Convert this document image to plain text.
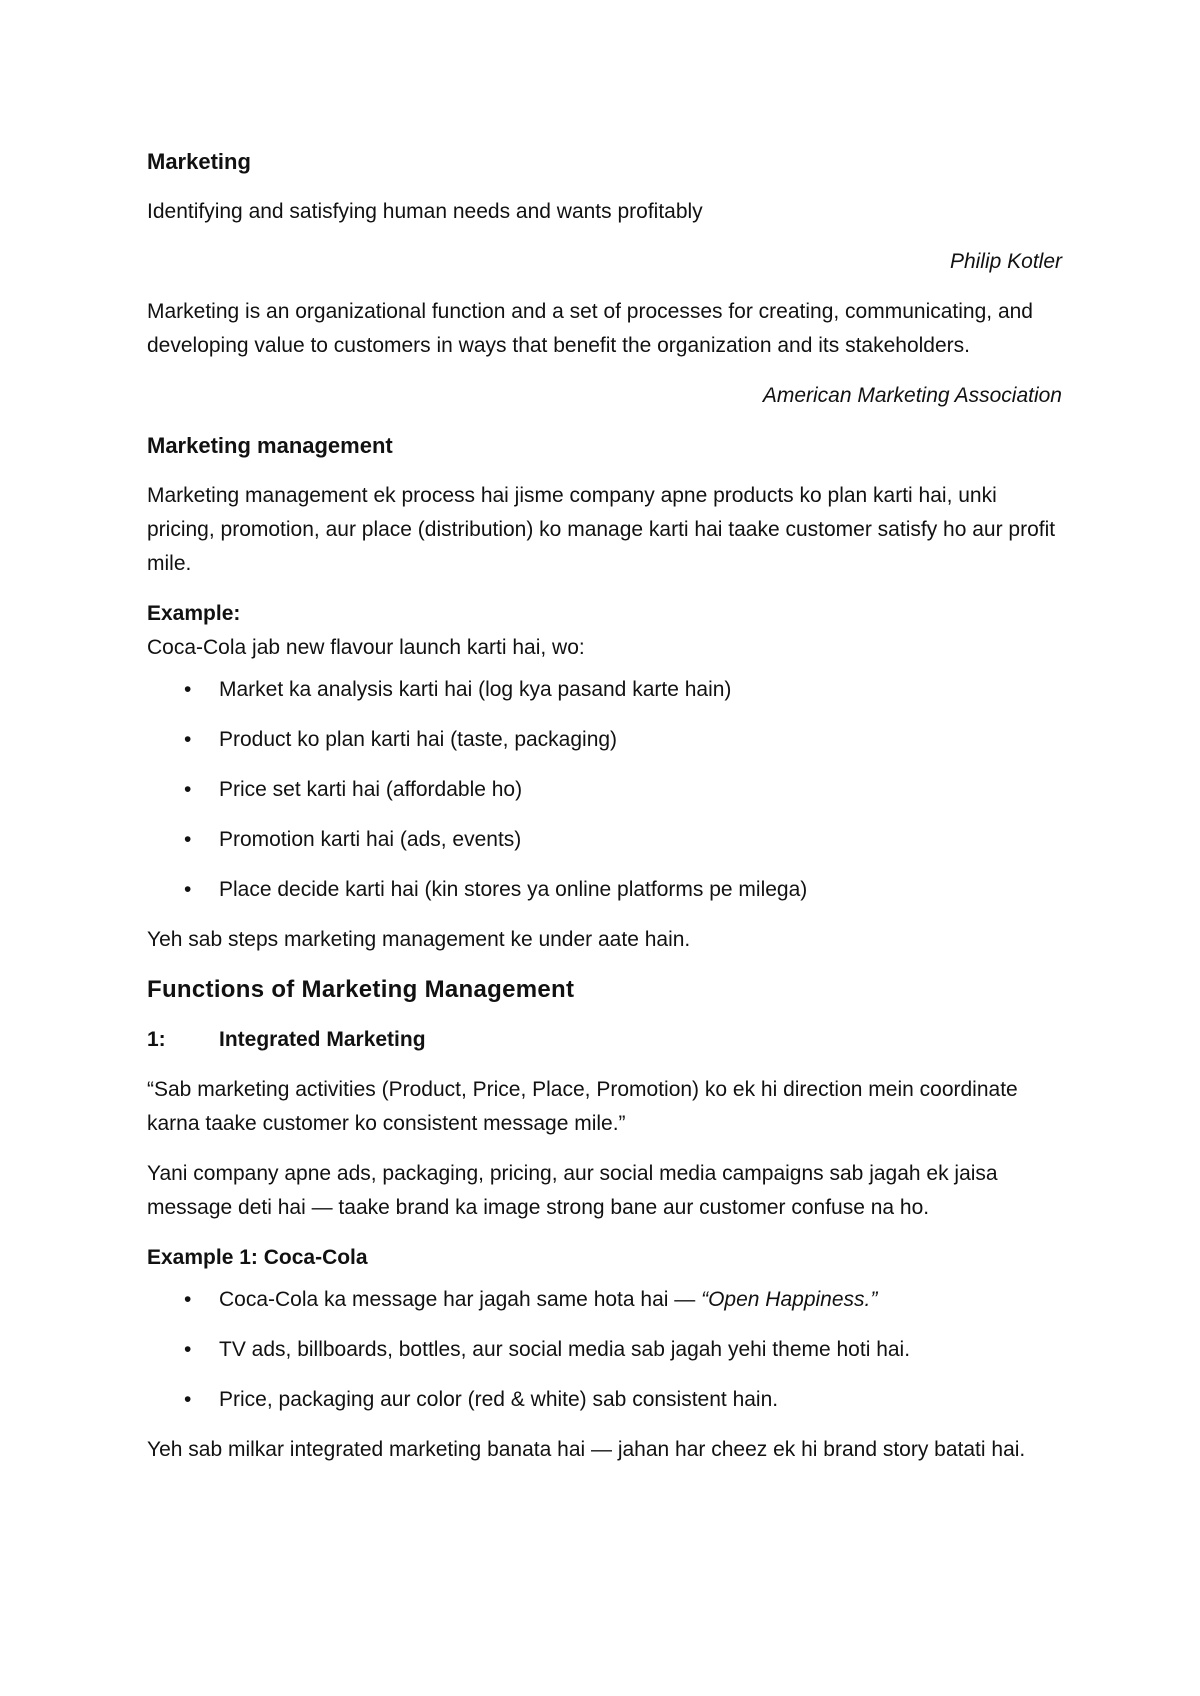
Marketing
Identifying and satisfying human needs and wants profitably
Philip Kotler
Marketing is an organizational function and a set of processes for creating, communicating, and developing value to customers in ways that benefit the organization and its stakeholders.
American Marketing Association
Marketing management
Marketing management ek process hai jisme company apne products ko plan karti hai, unki pricing, promotion, aur place (distribution) ko manage karti hai taake customer satisfy ho aur profit mile.
Example:
Coca-Cola jab new flavour launch karti hai, wo:
• Market ka analysis karti hai (log kya pasand karte hain)
• Product ko plan karti hai (taste, packaging)
• Price set karti hai (affordable ho)
• Promotion karti hai (ads, events)
• Place decide karti hai (kin stores ya online platforms pe milega)
Yeh sab steps marketing management ke under aate hain.
Functions of Marketing Management
1:	Integrated Marketing
“Sab marketing activities (Product, Price, Place, Promotion) ko ek hi direction mein coordinate karna taake customer ko consistent message mile.”
Yani company apne ads, packaging, pricing, aur social media campaigns sab jagah ek jaisa message deti hai — taake brand ka image strong bane aur customer confuse na ho.
Example 1: Coca-Cola
• Coca-Cola ka message har jagah same hota hai — “Open Happiness.”
• TV ads, billboards, bottles, aur social media sab jagah yehi theme hoti hai.
• Price, packaging aur color (red & white) sab consistent hain.
Yeh sab milkar integrated marketing banata hai — jahan har cheez ek hi brand story batati hai.
